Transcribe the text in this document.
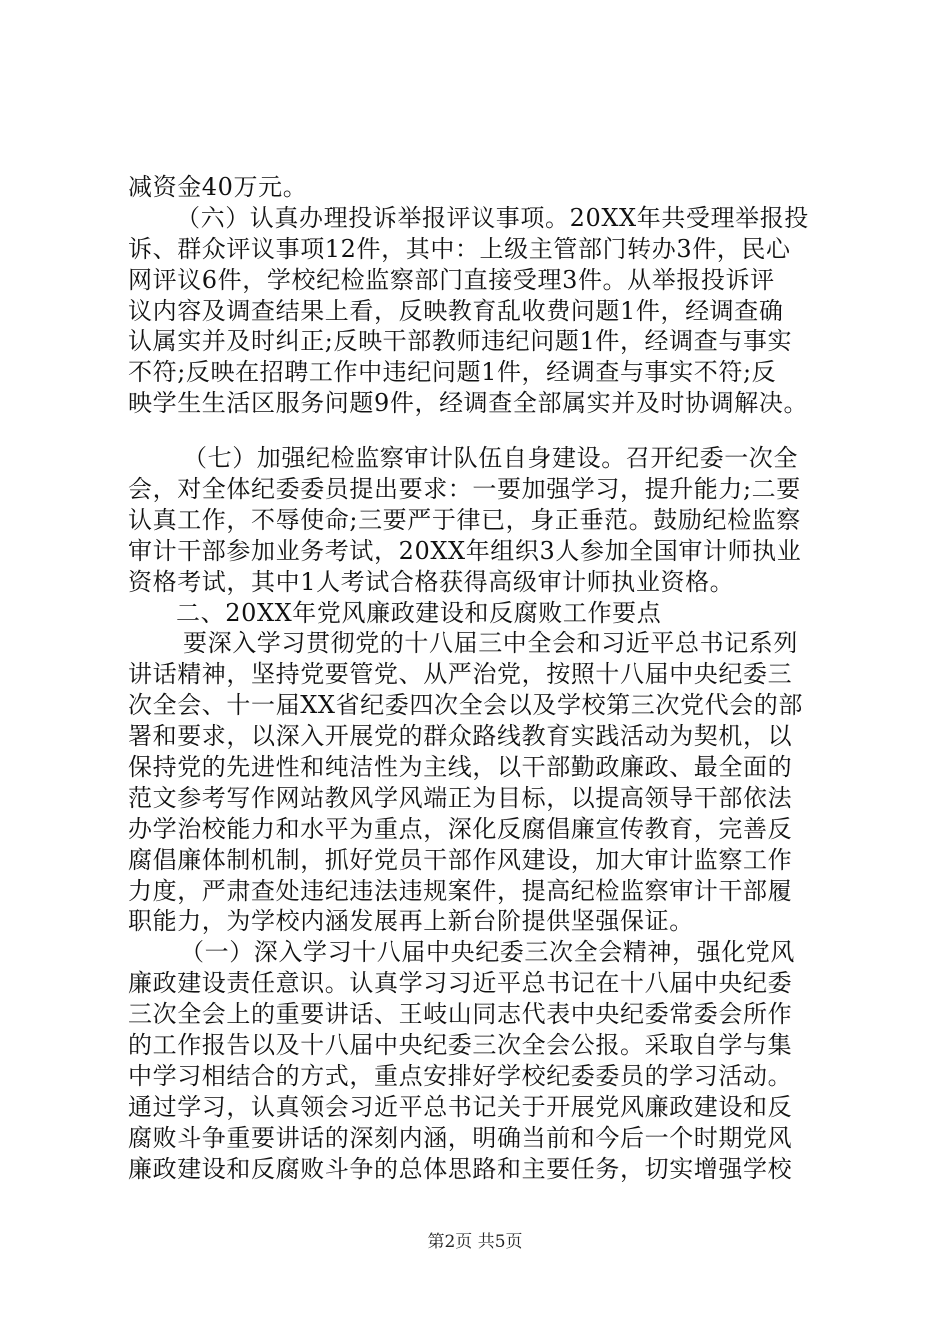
减资金40万元。
（六）认真办理投诉举报评议事项。20XX年共受理举报投
诉、群众评议事项12件，其中：上级主管部门转办3件，民心
网评议6件，学校纪检监察部门直接受理3件。从举报投诉评
议内容及调查结果上看，反映教育乱收费问题1件，经调查确
认属实并及时纠正;反映干部教师违纪问题1件，经调查与事实
不符;反映在招聘工作中违纪问题1件，经调查与事实不符;反
映学生生活区服务问题9件，经调查全部属实并及时协调解决。
（七）加强纪检监察审计队伍自身建设。召开纪委一次全
会，对全体纪委委员提出要求：一要加强学习，提升能力;二要
认真工作，不辱使命;三要严于律已，身正垂范。鼓励纪检监察
审计干部参加业务考试，20XX年组织3人参加全国审计师执业
资格考试，其中1人考试合格获得高级审计师执业资格。
二、20XX年党风廉政建设和反腐败工作要点
要深入学习贯彻党的十八届三中全会和习近平总书记系列
讲话精神，坚持党要管党、从严治党，按照十八届中央纪委三
次全会、十一届XX省纪委四次全会以及学校第三次党代会的部
署和要求，以深入开展党的群众路线教育实践活动为契机，以
保持党的先进性和纯洁性为主线，以干部勤政廉政、最全面的
范文参考写作网站教风学风端正为目标，以提高领导干部依法
办学治校能力和水平为重点，深化反腐倡廉宣传教育，完善反
腐倡廉体制机制，抓好党员干部作风建设，加大审计监察工作
力度，严肃查处违纪违法违规案件，提高纪检监察审计干部履
职能力，为学校内涵发展再上新台阶提供坚强保证。
（一）深入学习十八届中央纪委三次全会精神，强化党风
廉政建设责任意识。认真学习习近平总书记在十八届中央纪委
三次全会上的重要讲话、王岐山同志代表中央纪委常委会所作
的工作报告以及十八届中央纪委三次全会公报。采取自学与集
中学习相结合的方式，重点安排好学校纪委委员的学习活动。
通过学习，认真领会习近平总书记关于开展党风廉政建设和反
腐败斗争重要讲话的深刻内涵，明确当前和今后一个时期党风
廉政建设和反腐败斗争的总体思路和主要任务，切实增强学校
第2页 共5页
